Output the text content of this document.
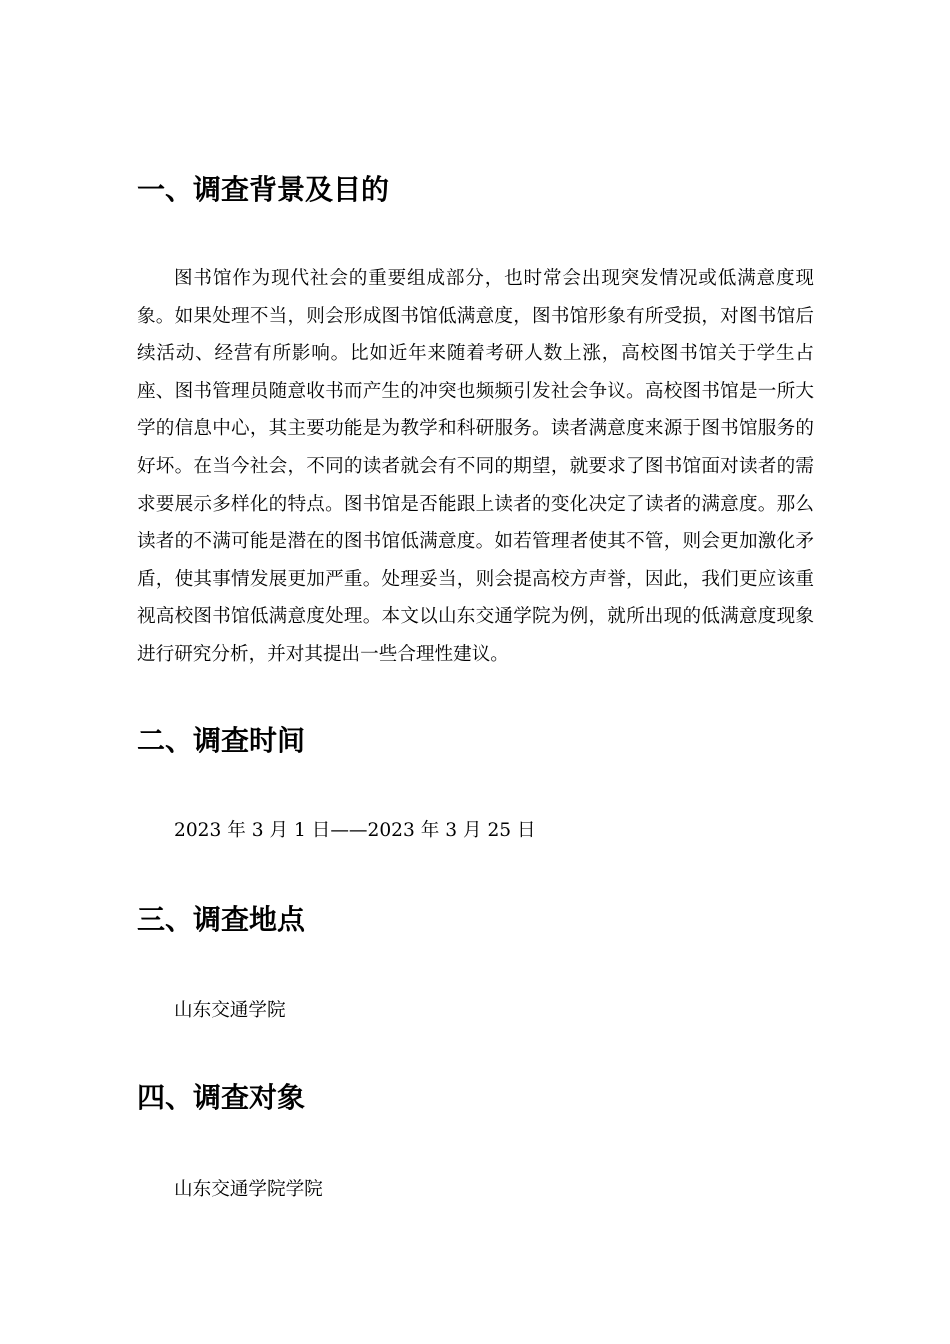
一、调查背景及目的

图书馆作为现代社会的重要组成部分，也时常会出现突发情况或低满意度现象。如果处理不当，则会形成图书馆低满意度，图书馆形象有所受损，对图书馆后续活动、经营有所影响。比如近年来随着考研人数上涨，高校图书馆关于学生占座、图书管理员随意收书而产生的冲突也频频引发社会争议。高校图书馆是一所大学的信息中心，其主要功能是为教学和科研服务。读者满意度来源于图书馆服务的好坏。在当今社会，不同的读者就会有不同的期望，就要求了图书馆面对读者的需求要展示多样化的特点。图书馆是否能跟上读者的变化决定了读者的满意度。那么读者的不满可能是潜在的图书馆低满意度。如若管理者使其不管，则会更加激化矛盾，使其事情发展更加严重。处理妥当，则会提高校方声誉，因此，我们更应该重视高校图书馆低满意度处理。本文以山东交通学院为例，就所出现的低满意度现象进行研究分析，并对其提出一些合理性建议。

二、调查时间

2023 年 3 月 1 日——2023 年 3 月 25 日

三、调查地点

山东交通学院

四、调查对象

山东交通学院学院
